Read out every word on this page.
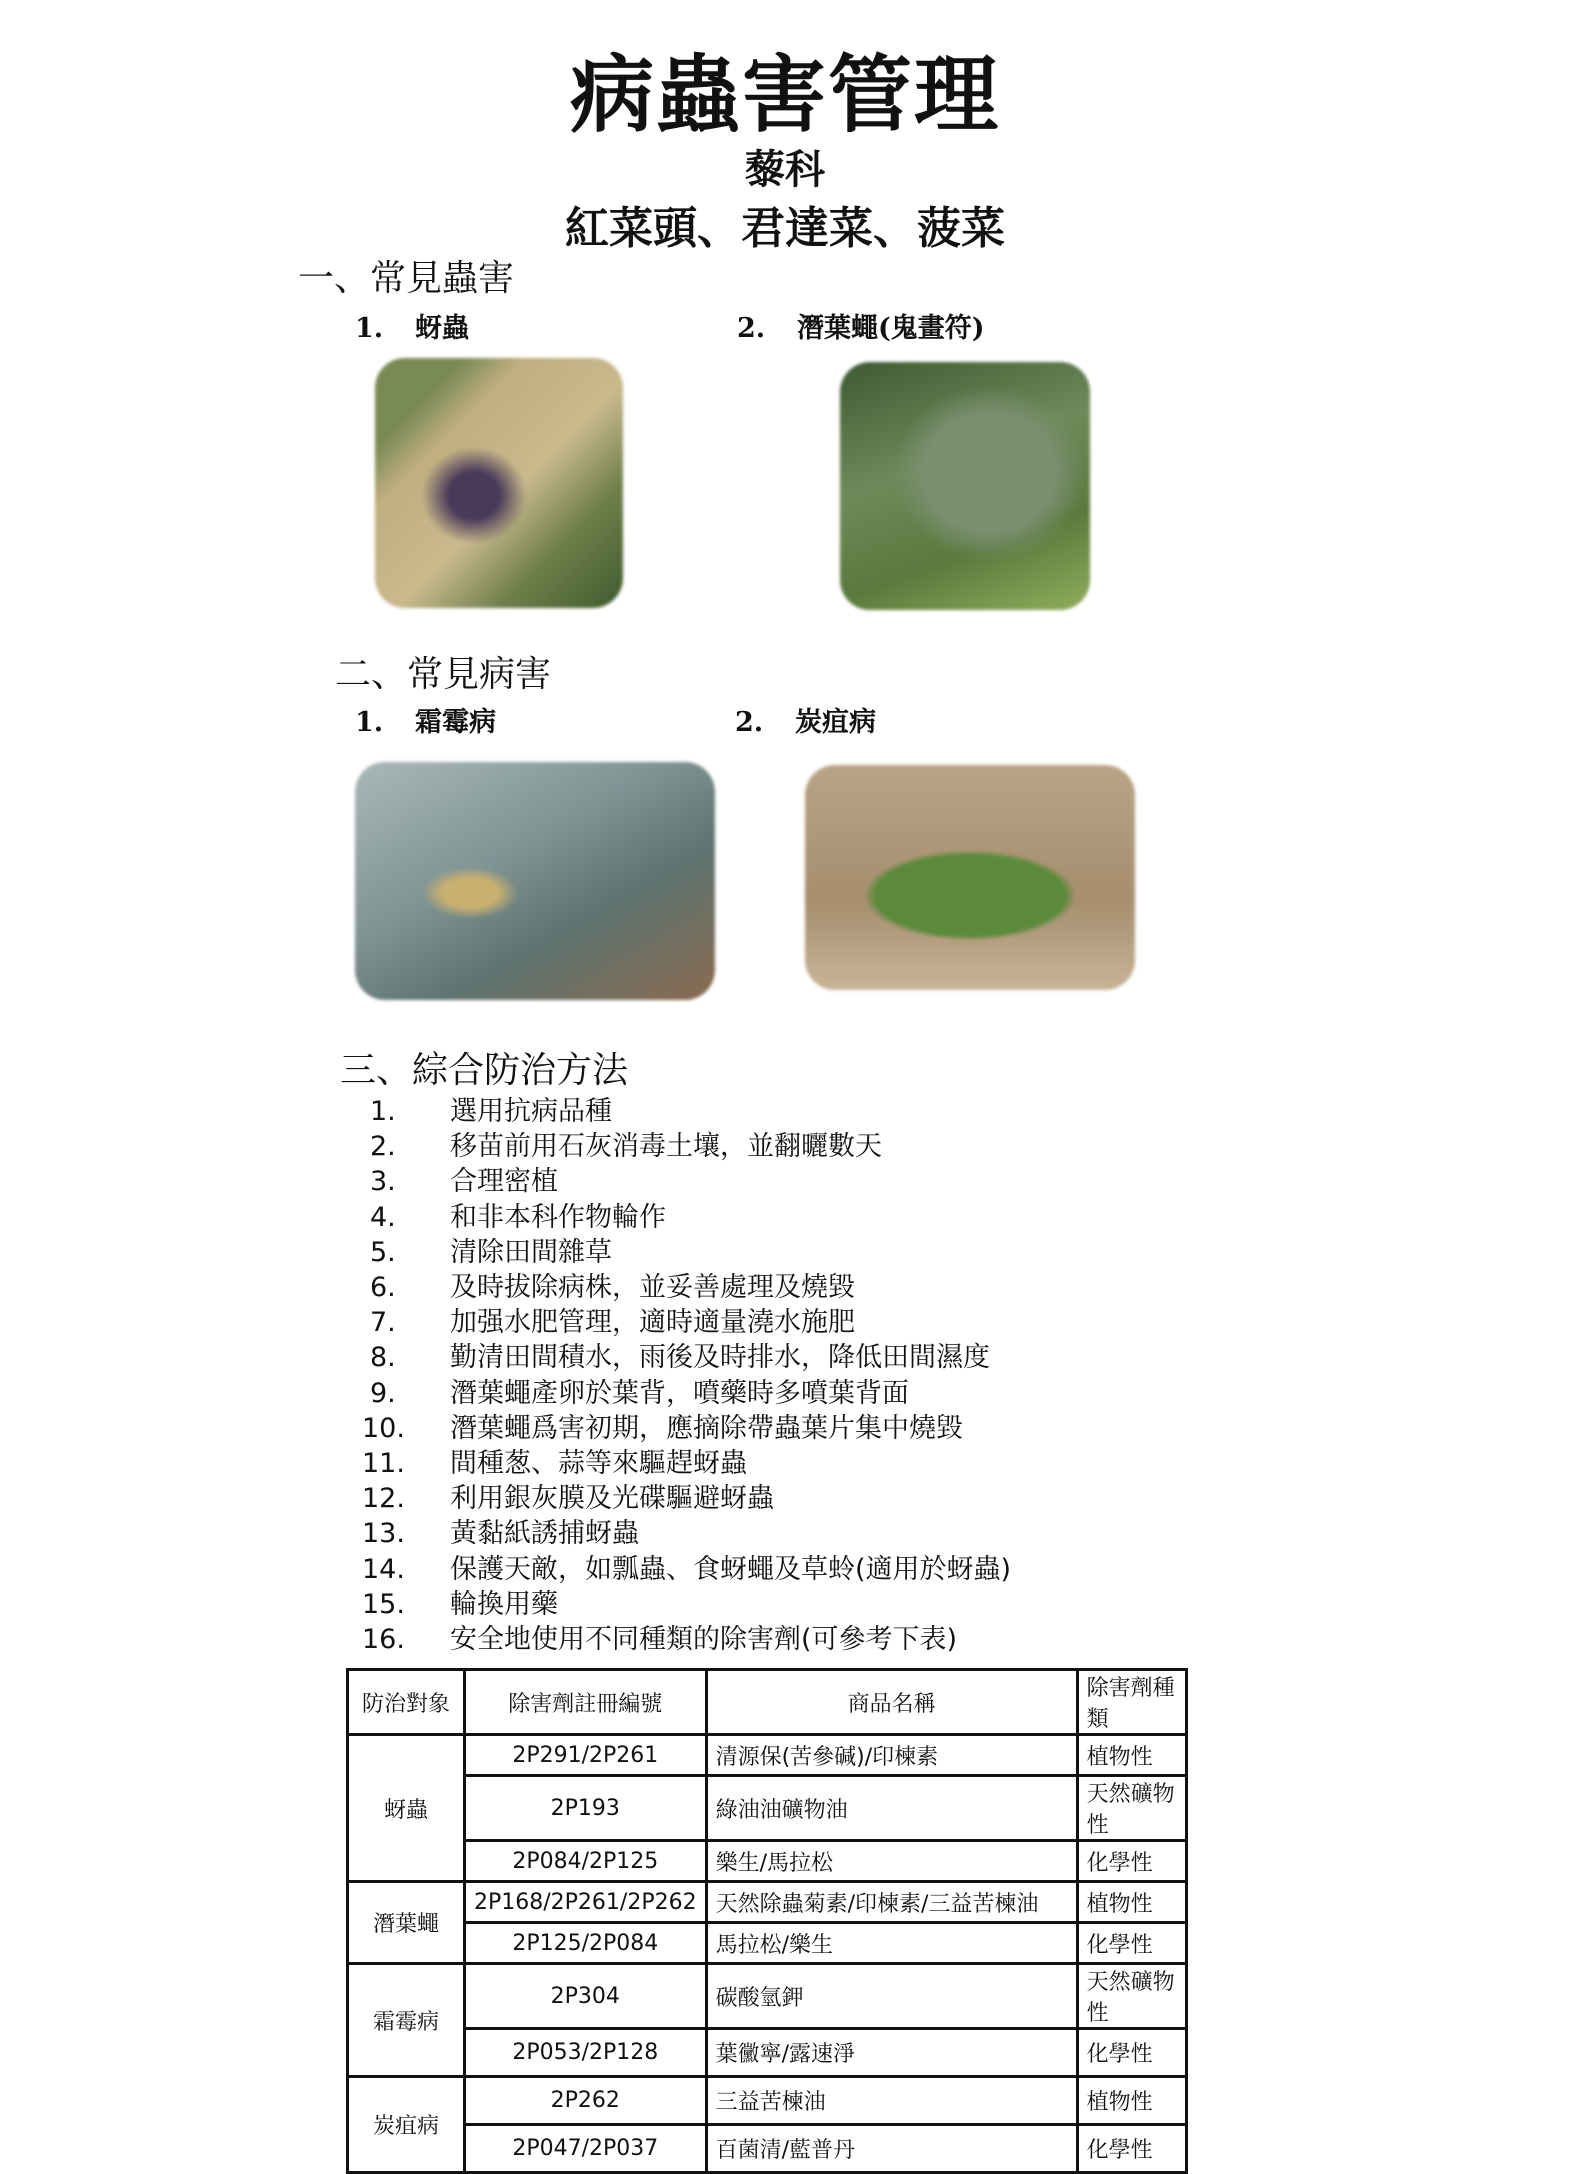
病蟲害管理
藜科
紅菜頭、君達菜、菠菜
一、常見蟲害
1. 蚜蟲	2. 潛葉蠅(鬼畫符)
二、常見病害
1. 霜霉病	2. 炭疽病
三、綜合防治方法
1.	選用抗病品種
2.	移苗前用石灰消毒土壤，並翻曬數天
3.	合理密植
4.	和非本科作物輪作
5.	清除田間雜草
6.	及時拔除病株，並妥善處理及燒毀
7.	加强水肥管理，適時適量澆水施肥
8.	勤清田間積水，雨後及時排水，降低田間濕度
9.	潛葉蠅產卵於葉背，噴藥時多噴葉背面
10.	潛葉蠅爲害初期，應摘除帶蟲葉片集中燒毀
11.	間種葱、蒜等來驅趕蚜蟲
12.	利用銀灰膜及光碟驅避蚜蟲
13.	黃黏紙誘捕蚜蟲
14.	保護天敵，如瓢蟲、食蚜蠅及草蛉(適用於蚜蟲)
15.	輪換用藥
16.	安全地使用不同種類的除害劑(可參考下表)
防治對象	除害劑註冊編號	商品名稱	除害劑種類
蚜蟲	2P291/2P261	清源保(苦參碱)/印楝素	植物性
	2P193	綠油油礦物油	天然礦物性
	2P084/2P125	樂生/馬拉松	化學性
潛葉蠅	2P168/2P261/2P262	天然除蟲菊素/印楝素/三益苦楝油	植物性
	2P125/2P084	馬拉松/樂生	化學性
霜霉病	2P304	碳酸氫鉀	天然礦物性
	2P053/2P128	葉黴寧/露速淨	化學性
炭疽病	2P262	三益苦楝油	植物性
	2P047/2P037	百菌清/藍普丹	化學性
